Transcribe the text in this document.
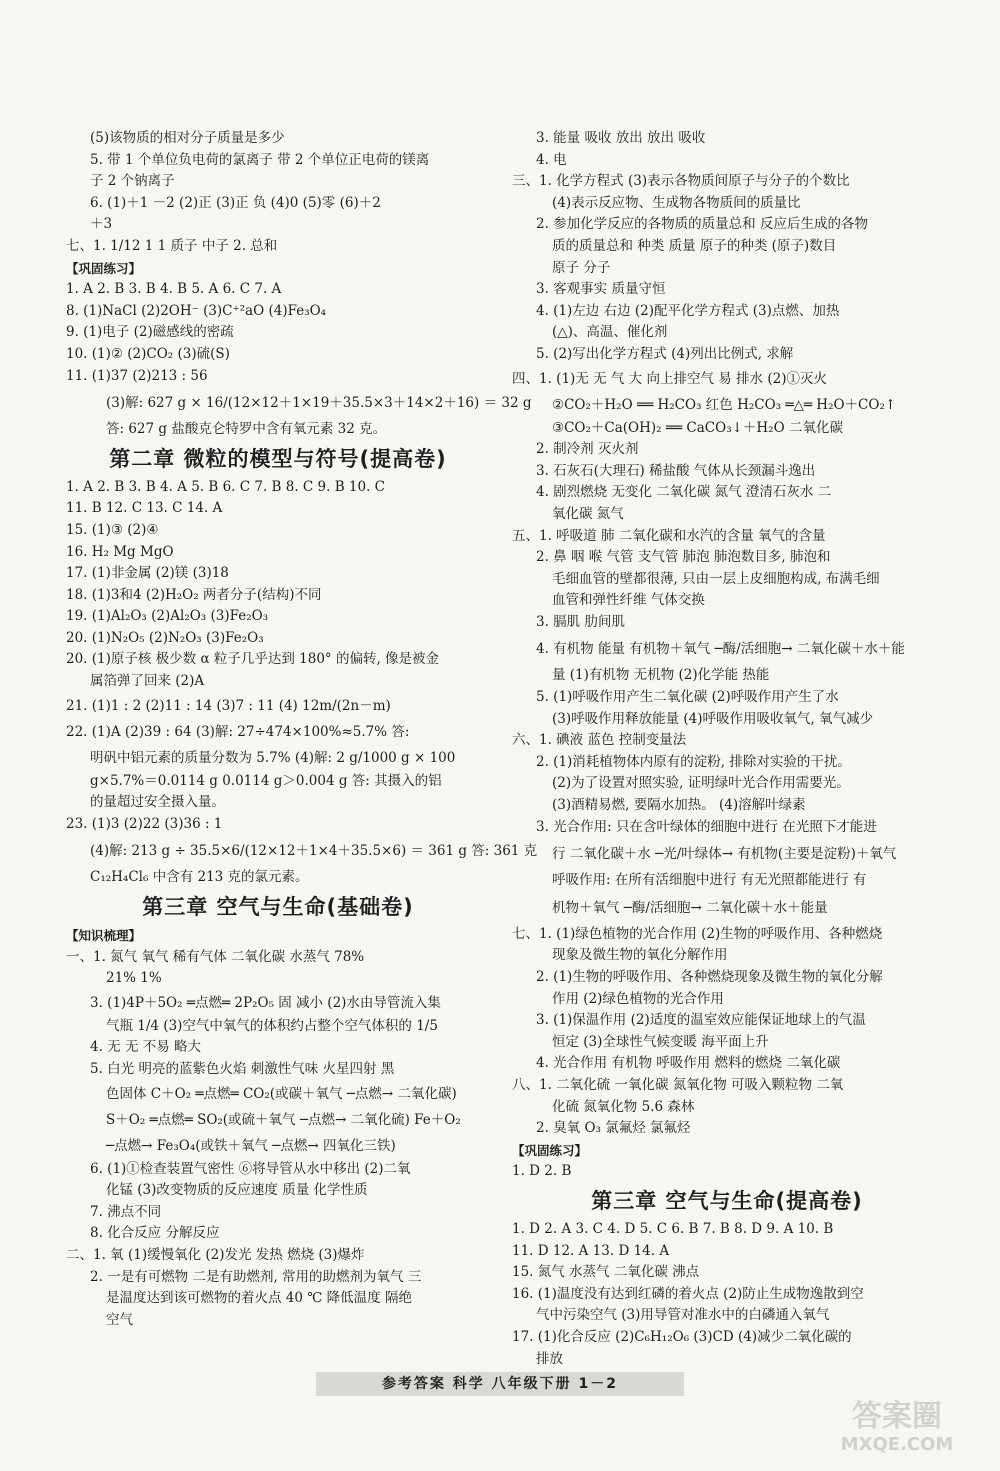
(5)该物质的相对分子质量是多少
5. 带 1 个单位负电荷的氯离子 带 2 个单位正电荷的镁离
子 2 个钠离子
6. (1)＋1 －2 (2)正 (3)正 负 (4)0 (5)零 (6)＋2
＋3
七、1. 1/12 1 1 质子 中子 2. 总和
【巩固练习】
1. A 2. B 3. B 4. B 5. A 6. C 7. A
8. (1)NaCl (2)2OH⁻ (3)C⁺²aO (4)Fe₃O₄
9. (1)电子 (2)磁感线的密疏
10. (1)② (2)CO₂ (3)硫(S)
11. (1)37 (2)213 : 56
(3)解: 627 g × 16/(12×12＋1×19＋35.5×3＋14×2＋16) ＝ 32 g
答: 627 g 盐酸克仑特罗中含有氧元素 32 克。
第二章 微粒的模型与符号(提高卷)
1. A 2. B 3. B 4. A 5. B 6. C 7. B 8. C 9. B 10. C
11. B 12. C 13. C 14. A
15. (1)③ (2)④
16. H₂ Mg MgO
17. (1)非金属 (2)镁 (3)18
18. (1)3和4 (2)H₂O₂ 两者分子(结构)不同
19. (1)Al₂O₃ (2)Al₂O₃ (3)Fe₂O₃
20. (1)N₂O₅ (2)N₂O₃ (3)Fe₂O₃
20. (1)原子核 极少数 α 粒子几乎达到 180° 的偏转, 像是被金
属箔弹了回来 (2)A
21. (1)1 : 2 (2)11 : 14 (3)7 : 11 (4) 12m/(2n－m)
22. (1)A (2)39 : 64 (3)解: 27÷474×100%≈5.7% 答:
明矾中铝元素的质量分数为 5.7% (4)解: 2 g/1000 g × 100
g×5.7%＝0.0114 g 0.0114 g＞0.004 g 答: 其摄入的铝
的量超过安全摄入量。
23. (1)3 (2)22 (3)36 : 1
(4)解: 213 g ÷ 35.5×6/(12×12＋1×4＋35.5×6) ＝ 361 g 答: 361 克
C₁₂H₄Cl₆ 中含有 213 克的氯元素。
第三章 空气与生命(基础卷)
【知识梳理】
一、1. 氮气 氧气 稀有气体 二氧化碳 水蒸气 78%
21% 1%
3. (1)4P＋5O₂ ═点燃═ 2P₂O₅ 固 减小 (2)水由导管流入集
气瓶 1/4 (3)空气中氧气的体积约占整个空气体积的 1/5
4. 无 无 不易 略大
5. 白光 明亮的蓝紫色火焰 刺激性气味 火星四射 黑
色固体 C＋O₂ ═点燃═ CO₂(或碳＋氧气 ─点燃→ 二氧化碳)
S＋O₂ ═点燃═ SO₂(或硫＋氧气 ─点燃→ 二氧化硫) Fe＋O₂
─点燃→ Fe₃O₄(或铁＋氧气 ─点燃→ 四氧化三铁)
6. (1)①检查装置气密性 ⑥将导管从水中移出 (2)二氧
化锰 (3)改变物质的反应速度 质量 化学性质
7. 沸点不同
8. 化合反应 分解反应
二、1. 氧 (1)缓慢氧化 (2)发光 发热 燃烧 (3)爆炸
2. 一是有可燃物 二是有助燃剂, 常用的助燃剂为氧气 三
是温度达到该可燃物的着火点 40 ℃ 降低温度 隔绝
空气
3. 能量 吸收 放出 放出 吸收
4. 电
三、1. 化学方程式 (3)表示各物质间原子与分子的个数比
(4)表示反应物、生成物各物质间的质量比
2. 参加化学反应的各物质的质量总和 反应后生成的各物
质的质量总和 种类 质量 原子的种类 (原子)数目
原子 分子
3. 客观事实 质量守恒
4. (1)左边 右边 (2)配平化学方程式 (3)点燃、加热
(△)、高温、催化剂
5. (2)写出化学方程式 (4)列出比例式, 求解
四、1. (1)无 无 气 大 向上排空气 易 排水 (2)①灭火
②CO₂＋H₂O ══ H₂CO₃ 红色 H₂CO₃ ═△═ H₂O＋CO₂↑
③CO₂＋Ca(OH)₂ ══ CaCO₃↓＋H₂O 二氧化碳
2. 制冷剂 灭火剂
3. 石灰石(大理石) 稀盐酸 气体从长颈漏斗逸出
4. 剧烈燃烧 无变化 二氧化碳 氮气 澄清石灰水 二
氧化碳 氮气
五、1. 呼吸道 肺 二氧化碳和水汽的含量 氧气的含量
2. 鼻 咽 喉 气管 支气管 肺泡 肺泡数目多, 肺泡和
毛细血管的壁都很薄, 只由一层上皮细胞构成, 布满毛细
血管和弹性纤维 气体交换
3. 膈肌 肋间肌
4. 有机物 能量 有机物＋氧气 ─酶/活细胞→ 二氧化碳＋水＋能
量 (1)有机物 无机物 (2)化学能 热能
5. (1)呼吸作用产生二氧化碳 (2)呼吸作用产生了水
(3)呼吸作用释放能量 (4)呼吸作用吸收氧气, 氧气减少
六、1. 碘液 蓝色 控制变量法
2. (1)消耗植物体内原有的淀粉, 排除对实验的干扰。
(2)为了设置对照实验, 证明绿叶光合作用需要光。
(3)酒精易燃, 要隔水加热。 (4)溶解叶绿素
3. 光合作用: 只在含叶绿体的细胞中进行 在光照下才能进
行 二氧化碳＋水 ─光/叶绿体→ 有机物(主要是淀粉)＋氧气
呼吸作用: 在所有活细胞中进行 有无光照都能进行 有
机物＋氧气 ─酶/活细胞→ 二氧化碳＋水＋能量
七、1. (1)绿色植物的光合作用 (2)生物的呼吸作用、各种燃烧
现象及微生物的氧化分解作用
2. (1)生物的呼吸作用、各种燃烧现象及微生物的氧化分解
作用 (2)绿色植物的光合作用
3. (1)保温作用 (2)适度的温室效应能保证地球上的气温
恒定 (3)全球性气候变暖 海平面上升
4. 光合作用 有机物 呼吸作用 燃料的燃烧 二氧化碳
八、1. 二氧化硫 一氧化碳 氮氧化物 可吸入颗粒物 二氧
化硫 氮氧化物 5.6 森林
2. 臭氧 O₃ 氯氟烃 氯氟烃
【巩固练习】
1. D 2. B
第三章 空气与生命(提高卷)
1. D 2. A 3. C 4. D 5. C 6. B 7. B 8. D 9. A 10. B
11. D 12. A 13. D 14. A
15. 氮气 水蒸气 二氧化碳 沸点
16. (1)温度没有达到红磷的着火点 (2)防止生成物逸散到空
气中污染空气 (3)用导管对准水中的白磷通入氧气
17. (1)化合反应 (2)C₆H₁₂O₆ (3)CD (4)减少二氧化碳的
排放
参考答案 科学 八年级下册 1－2
答案圈
MXQE.COM
